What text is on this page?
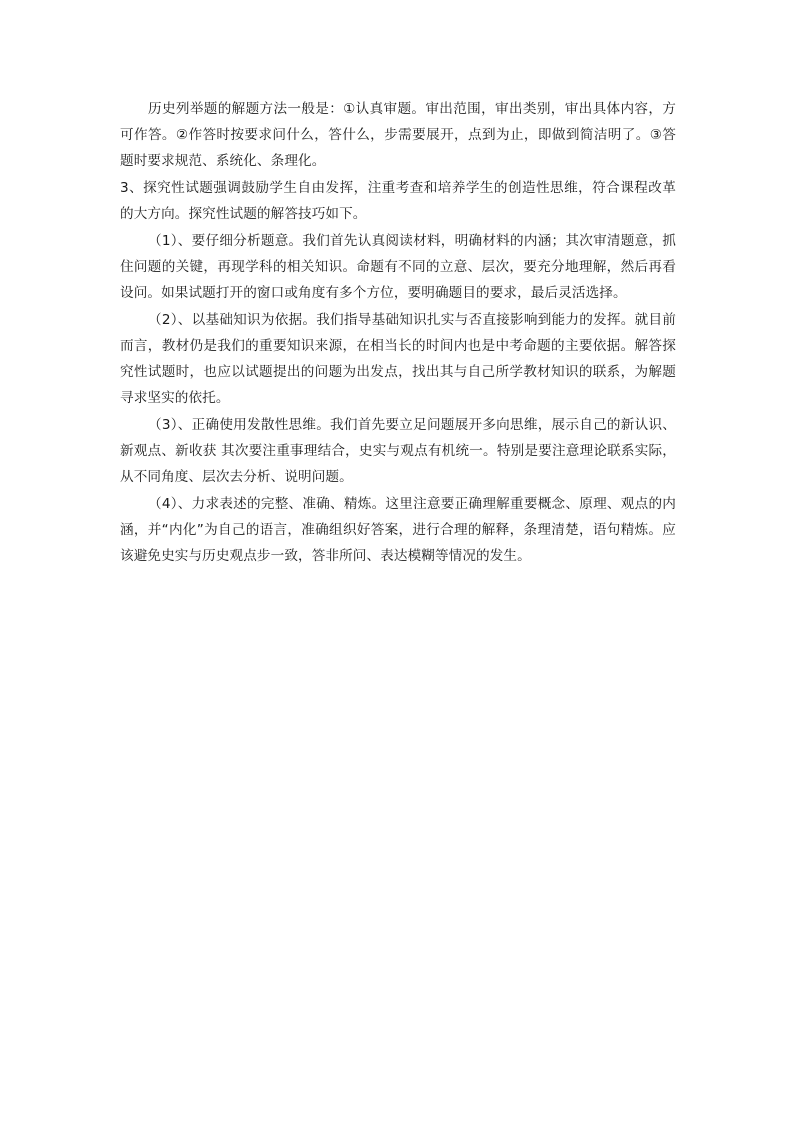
历史列举题的解题方法一般是：①认真审题。审出范围，审出类别，审出具体内容，方可作答。②作答时按要求问什么，答什么，步需要展开，点到为止，即做到简洁明了。③答题时要求规范、系统化、条理化。

3、探究性试题强调鼓励学生自由发挥，注重考查和培养学生的创造性思维，符合课程改革的大方向。探究性试题的解答技巧如下。

（1）、要仔细分析题意。我们首先认真阅读材料，明确材料的内涵；其次审清题意，抓住问题的关键，再现学科的相关知识。命题有不同的立意、层次，要充分地理解，然后再看设问。如果试题打开的窗口或角度有多个方位，要明确题目的要求，最后灵活选择。

（2）、以基础知识为依据。我们指导基础知识扎实与否直接影响到能力的发挥。就目前而言，教材仍是我们的重要知识来源，在相当长的时间内也是中考命题的主要依据。解答探究性试题时，也应以试题提出的问题为出发点，找出其与自己所学教材知识的联系，为解题寻求坚实的依托。

（3）、正确使用发散性思维。我们首先要立足问题展开多向思维，展示自己的新认识、新观点、新收获 其次要注重事理结合，史实与观点有机统一。特别是要注意理论联系实际，从不同角度、层次去分析、说明问题。

（4）、力求表述的完整、准确、精炼。这里注意要正确理解重要概念、原理、观点的内涵，并“内化”为自己的语言，准确组织好答案，进行合理的解释，条理清楚，语句精炼。应该避免史实与历史观点步一致，答非所问、表达模糊等情况的发生。
